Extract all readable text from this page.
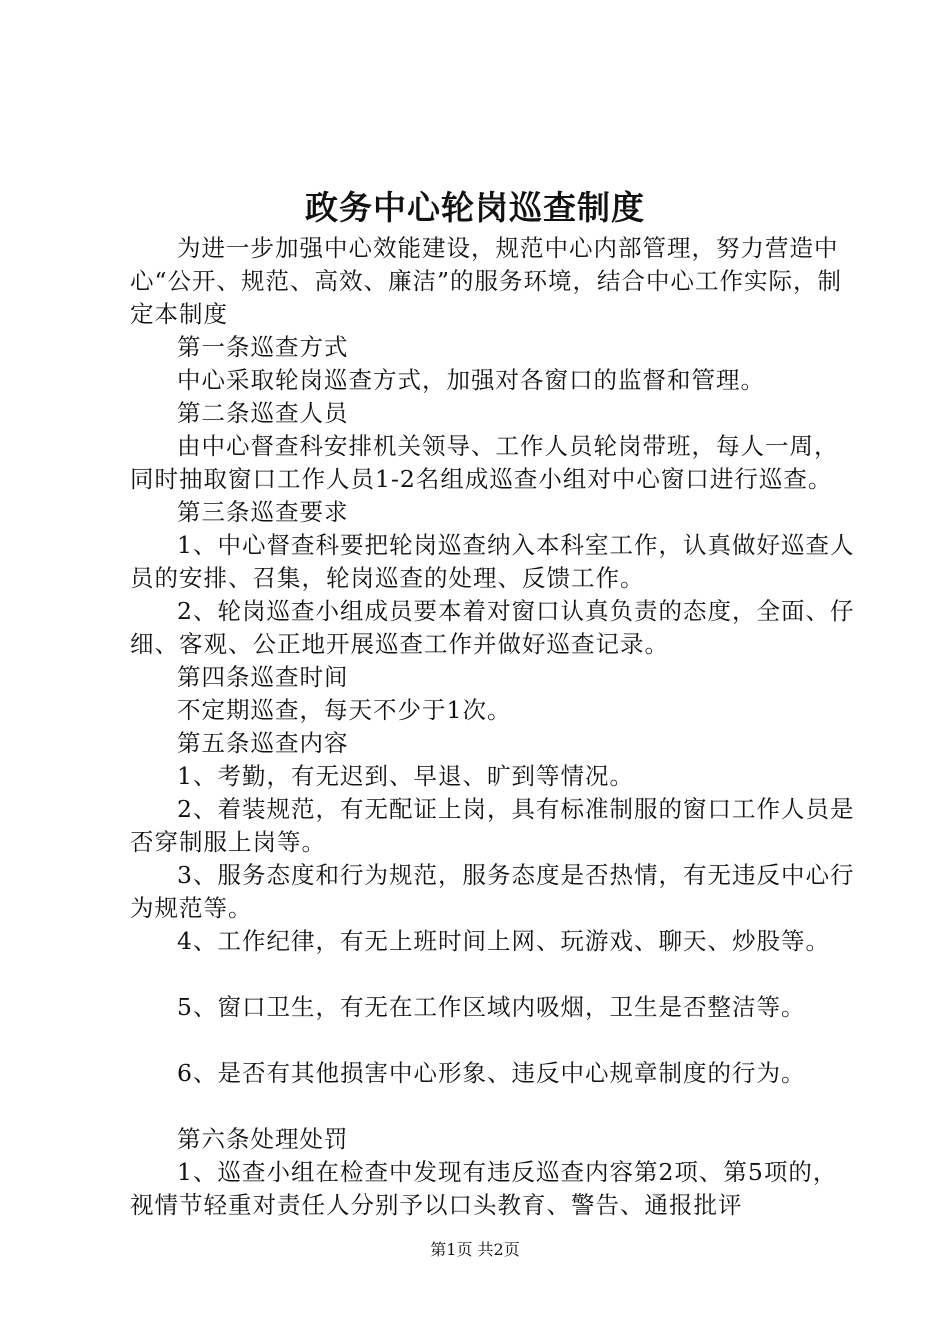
政务中心轮岗巡查制度

为进一步加强中心效能建设，规范中心内部管理，努力营造中心“公开、规范、高效、廉洁”的服务环境，结合中心工作实际，制定本制度

第一条巡查方式

中心采取轮岗巡查方式，加强对各窗口的监督和管理。

第二条巡查人员

由中心督查科安排机关领导、工作人员轮岗带班，每人一周，同时抽取窗口工作人员1-2名组成巡查小组对中心窗口进行巡查。

第三条巡查要求

1、中心督查科要把轮岗巡查纳入本科室工作，认真做好巡查人员的安排、召集，轮岗巡查的处理、反馈工作。

2、轮岗巡查小组成员要本着对窗口认真负责的态度，全面、仔细、客观、公正地开展巡查工作并做好巡查记录。

第四条巡查时间

不定期巡查，每天不少于1次。

第五条巡查内容

1、考勤，有无迟到、早退、旷到等情况。

2、着装规范，有无配证上岗，具有标准制服的窗口工作人员是否穿制服上岗等。

3、服务态度和行为规范，服务态度是否热情，有无违反中心行为规范等。

4、工作纪律，有无上班时间上网、玩游戏、聊天、炒股等。

5、窗口卫生，有无在工作区域内吸烟，卫生是否整洁等。

6、是否有其他损害中心形象、违反中心规章制度的行为。

第六条处理处罚

1、巡查小组在检查中发现有违反巡查内容第2项、第5项的，视情节轻重对责任人分别予以口头教育、警告、通报批评

第1页 共2页
